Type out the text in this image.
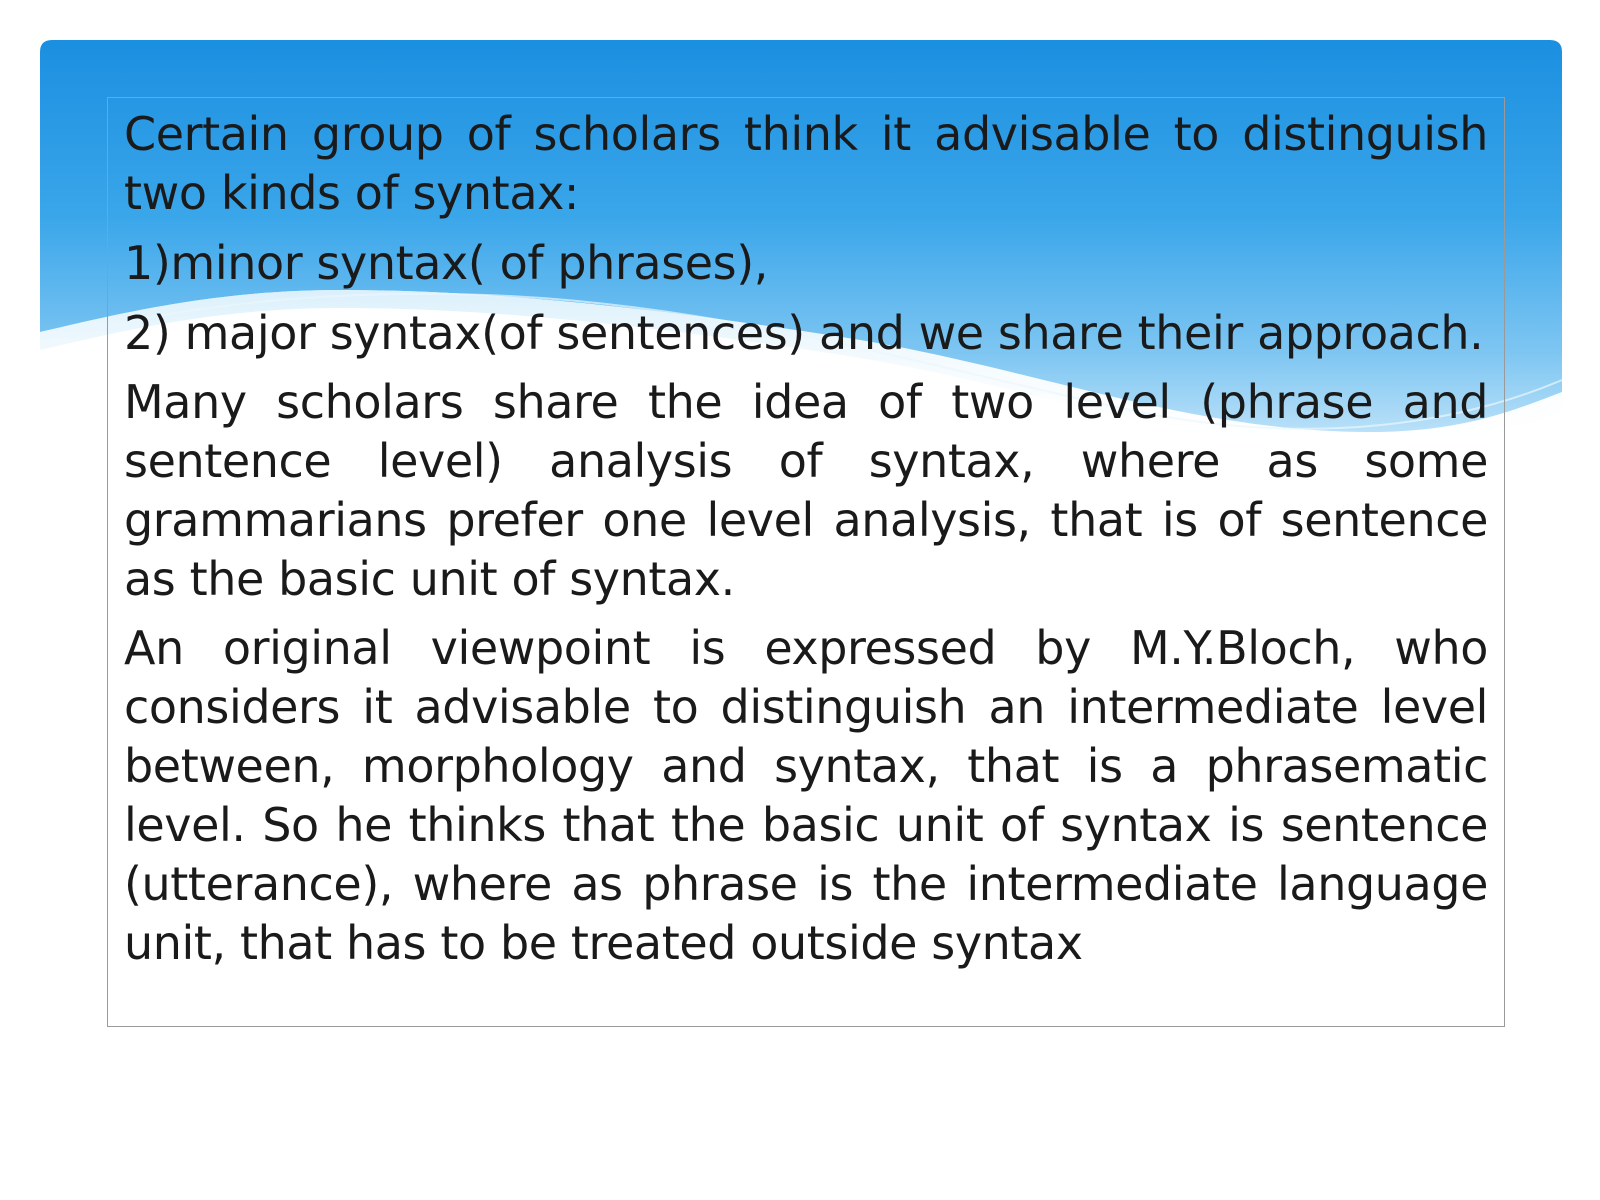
Certain group of scholars think it advisable to distinguish two kinds of syntax:

1)minor syntax( of phrases),

2) major syntax(of sentences) and we share their approach.

Many scholars share the idea of two level (phrase and sentence level) analysis of syntax, where as some grammarians prefer one level analysis, that is of sentence as the basic unit of syntax.

An original viewpoint is expressed by M.Y.Bloch, who considers it advisable to distinguish an intermediate level between, morphology and syntax, that is a phrasematic level. So he thinks that the basic unit of syntax is sentence (utterance), where as phrase is the intermediate language unit, that has to be treated outside syntax
